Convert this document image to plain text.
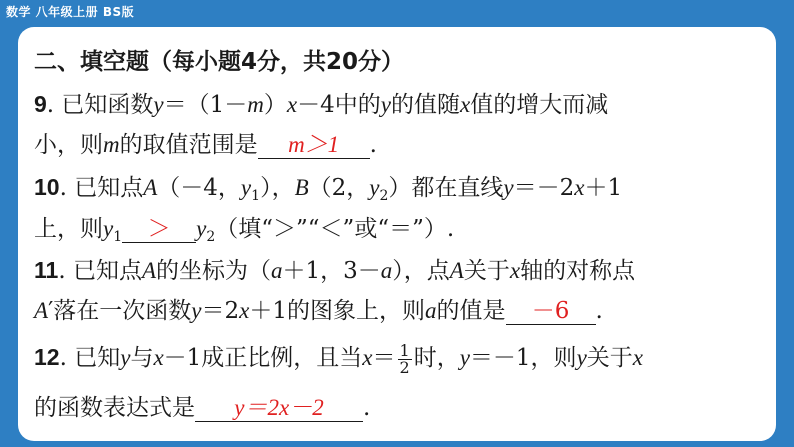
数学 八年级上册 BS版
二、填空题（每小题4分，共20分）
9. 已知函数y＝（1－m）x－4中的y的值随x值的增大而减
小，则m的取值范围是 m＞1 .
10. 已知点A（－4，$y_1$），B（2，$y_2$）都在直线y＝－2x＋1
上，则$y_1 > y_2$（填“＞”“＜”或“＝”）.
11. 已知点A的坐标为（a＋1，3－a），点A关于x轴的对称点
A′落在一次函数y＝2x＋1的图象上，则a的值是 －6 .
12. 已知y与x－1成正比例，且当$x= \frac{1}{2}$ 时，y＝－1，则y关于x
的函数表达式是 y＝2x－2 .
